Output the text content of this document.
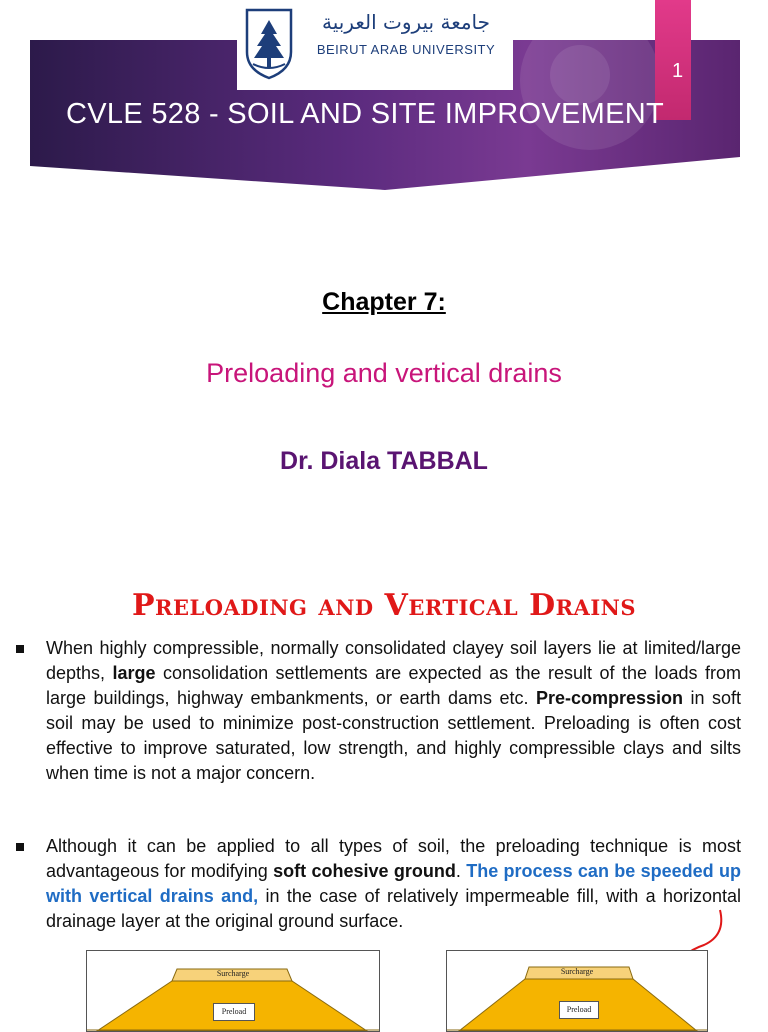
1
جامعة بيروت العربية
BEIRUT ARAB UNIVERSITY
CVLE 528 - SOIL AND SITE IMPROVEMENT
Chapter 7:
Preloading and vertical drains
Dr. Diala TABBAL
Preloading and Vertical Drains
When highly compressible, normally consolidated clayey soil layers lie at limited/large depths, large consolidation settlements are expected as the result of the loads from large buildings, highway embankments, or earth dams etc. Pre-compression in soft soil may be used to minimize post-construction settlement. Preloading is often cost effective to improve saturated, low strength, and highly compressible clays and silts when time is not a major concern.
Although it can be applied to all types of soil, the preloading technique is most advantageous for modifying soft cohesive ground. The process can be speeded up with vertical drains and, in the case of relatively impermeable fill, with a horizontal drainage layer at the original ground surface.
Surcharge
Preload
Surcharge
Preload
